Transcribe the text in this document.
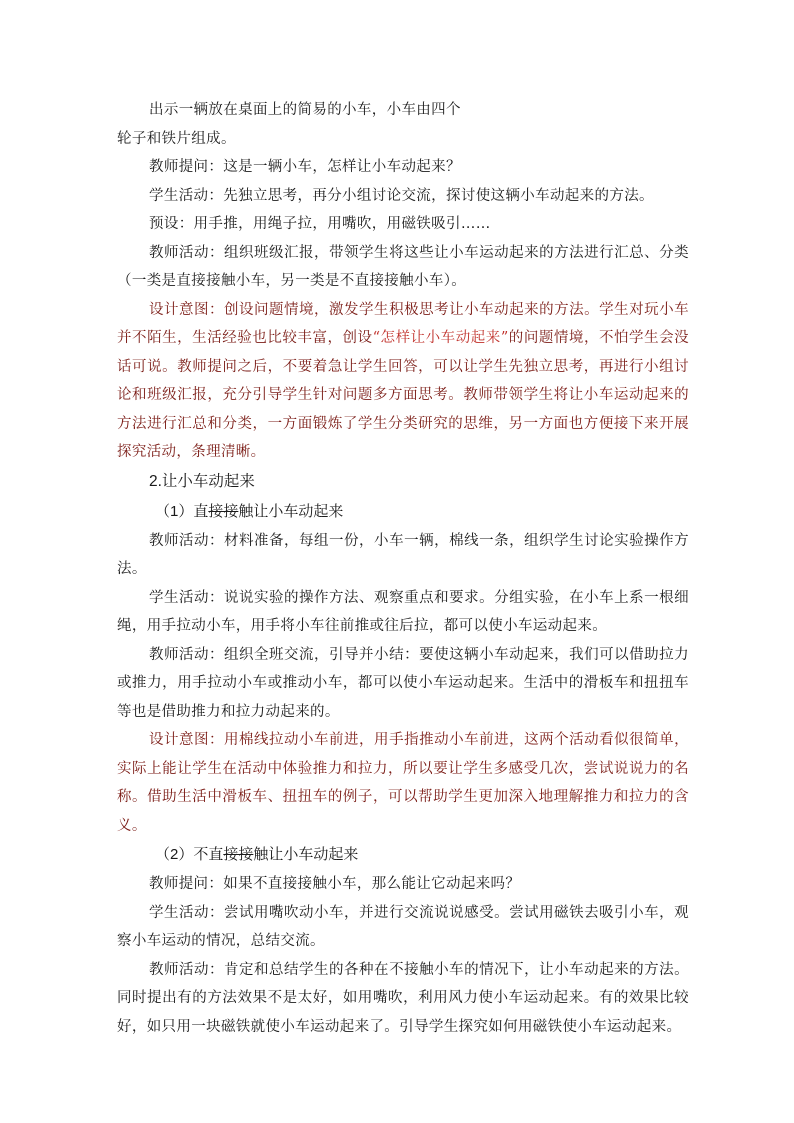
出示一辆放在桌面上的简易的小车，小车由四个

轮子和铁片组成。

教师提问：这是一辆小车，怎样让小车动起来？

学生活动：先独立思考，再分小组讨论交流，探讨使这辆小车动起来的方法。

预设：用手推，用绳子拉，用嘴吹，用磁铁吸引……

教师活动：组织班级汇报，带领学生将这些让小车运动起来的方法进行汇总、分类（一类是直接接触小车，另一类是不直接接触小车）。

设计意图：创设问题情境，激发学生积极思考让小车动起来的方法。学生对玩小车并不陌生，生活经验也比较丰富，创设“怎样让小车动起来”的问题情境，不怕学生会没话可说。教师提问之后，不要着急让学生回答，可以让学生先独立思考，再进行小组讨论和班级汇报，充分引导学生针对问题多方面思考。教师带领学生将让小车运动起来的方法进行汇总和分类，一方面锻炼了学生分类研究的思维，另一方面也方便接下来开展探究活动，条理清晰。

2.让小车动起来

（1）直接接触让小车动起来

教师活动：材料准备，每组一份，小车一辆，棉线一条，组织学生讨论实验操作方法。

学生活动：说说实验的操作方法、观察重点和要求。分组实验，在小车上系一根细绳，用手拉动小车，用手将小车往前推或往后拉，都可以使小车运动起来。

教师活动：组织全班交流，引导并小结：要使这辆小车动起来，我们可以借助拉力或推力，用手拉动小车或推动小车，都可以使小车运动起来。生活中的滑板车和扭扭车等也是借助推力和拉力动起来的。

设计意图：用棉线拉动小车前进，用手指推动小车前进，这两个活动看似很简单，实际上能让学生在活动中体验推力和拉力，所以要让学生多感受几次，尝试说说力的名称。借助生活中滑板车、扭扭车的例子，可以帮助学生更加深入地理解推力和拉力的含义。

（2）不直接接触让小车动起来

教师提问：如果不直接接触小车，那么能让它动起来吗？

学生活动：尝试用嘴吹动小车，并进行交流说说感受。尝试用磁铁去吸引小车，观察小车运动的情况，总结交流。

教师活动：肯定和总结学生的各种在不接触小车的情况下，让小车动起来的方法。同时提出有的方法效果不是太好，如用嘴吹，利用风力使小车运动起来。有的效果比较好，如只用一块磁铁就使小车运动起来了。引导学生探究如何用磁铁使小车运动起来。
